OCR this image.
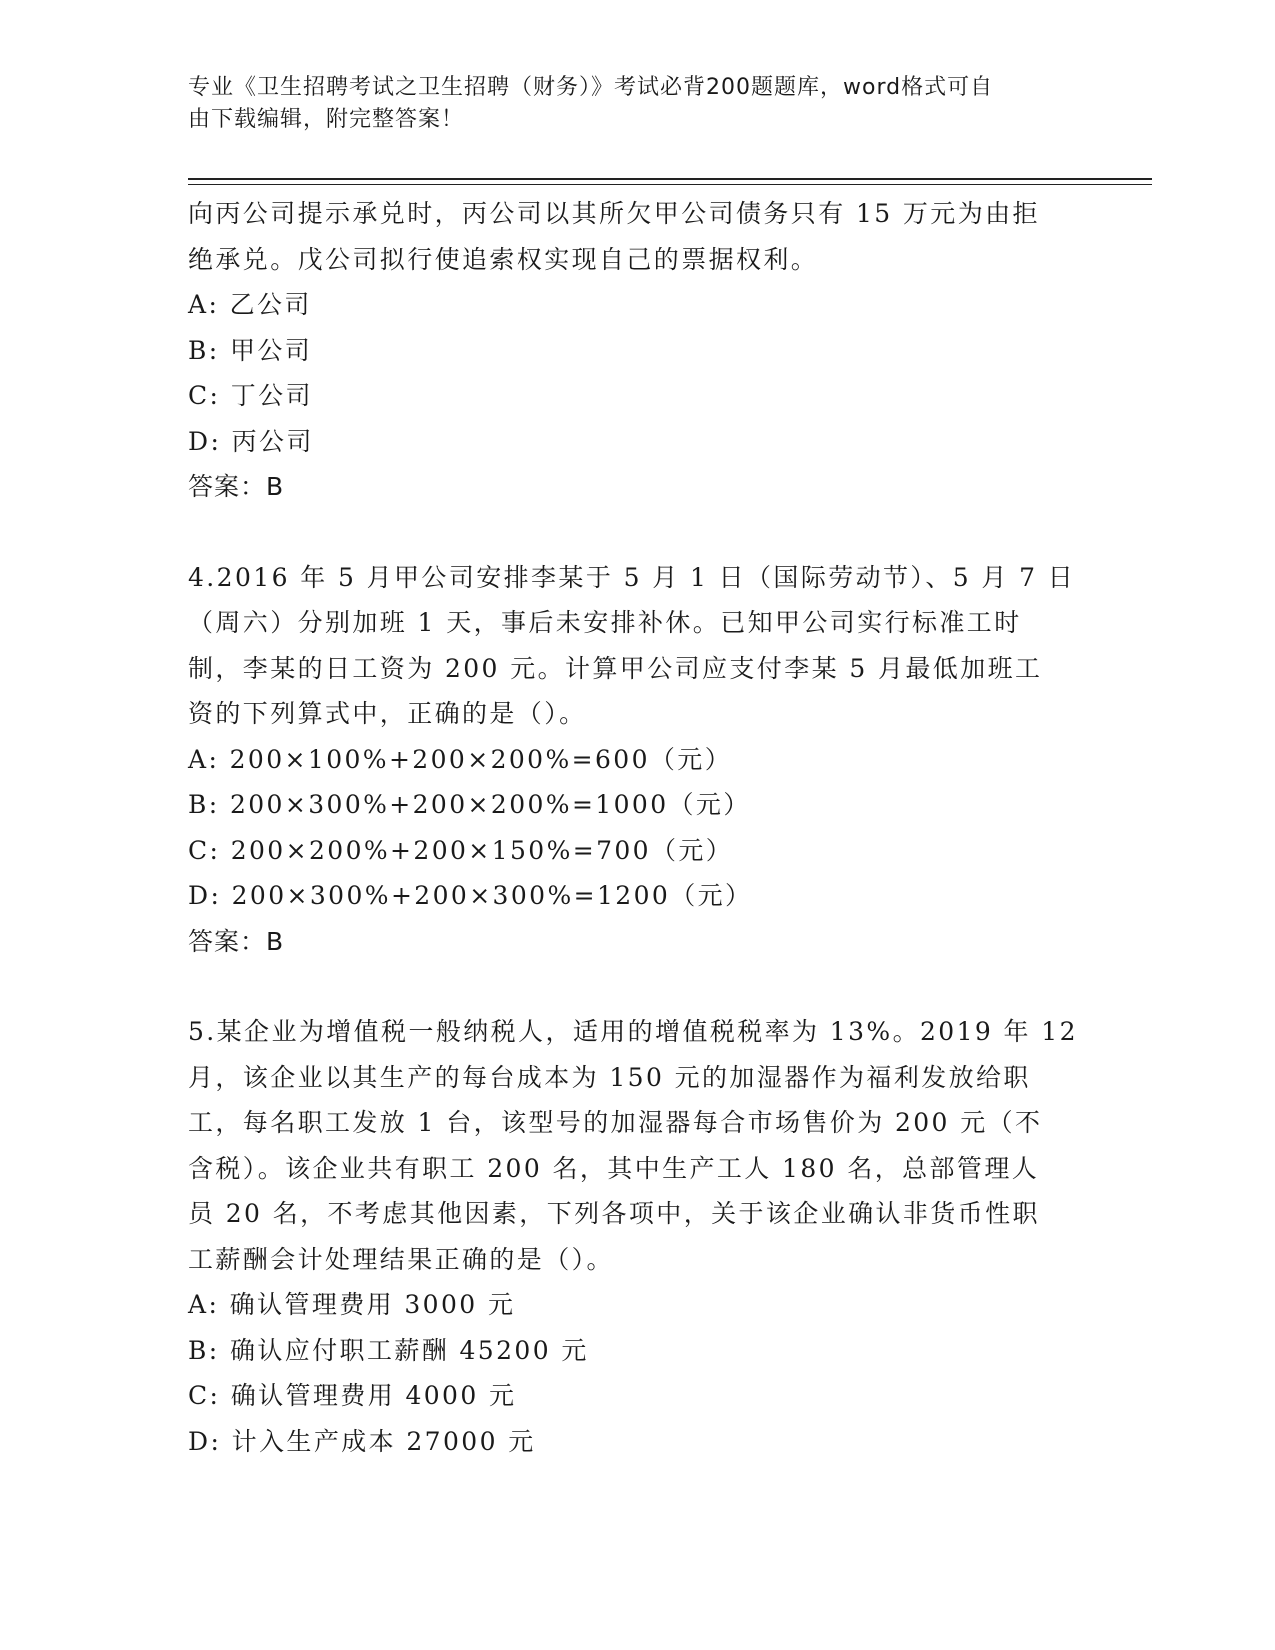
专业《卫生招聘考试之卫生招聘（财务）》考试必背200题题库，word格式可自
由下载编辑，附完整答案！

向丙公司提示承兑时，丙公司以其所欠甲公司债务只有 15 万元为由拒

绝承兑。戊公司拟行使追索权实现自己的票据权利。

A: 乙公司

B: 甲公司

C: 丁公司

D: 丙公司

答案：B

4.2016 年 5 月甲公司安排李某于 5 月 1 日（国际劳动节）、5 月 7 日

（周六）分别加班 1 天，事后未安排补休。已知甲公司实行标准工时

制，李某的日工资为 200 元。计算甲公司应支付李某 5 月最低加班工

资的下列算式中，正确的是（）。

A: 200×100%+200×200%=600（元）

B: 200×300%+200×200%=1000（元）

C: 200×200%+200×150%=700（元）

D: 200×300%+200×300%=1200（元）

答案：B

5.某企业为增值税一般纳税人，适用的增值税税率为 13%。2019 年 12

月，该企业以其生产的每台成本为 150 元的加湿器作为福利发放给职

工，每名职工发放 1 台，该型号的加湿器每合市场售价为 200 元（不

含税）。该企业共有职工 200 名，其中生产工人 180 名，总部管理人

员 20 名，不考虑其他因素，下列各项中，关于该企业确认非货币性职

工薪酬会计处理结果正确的是（）。

A: 确认管理费用 3000 元

B: 确认应付职工薪酬 45200 元

C: 确认管理费用 4000 元

D: 计入生产成本 27000 元
